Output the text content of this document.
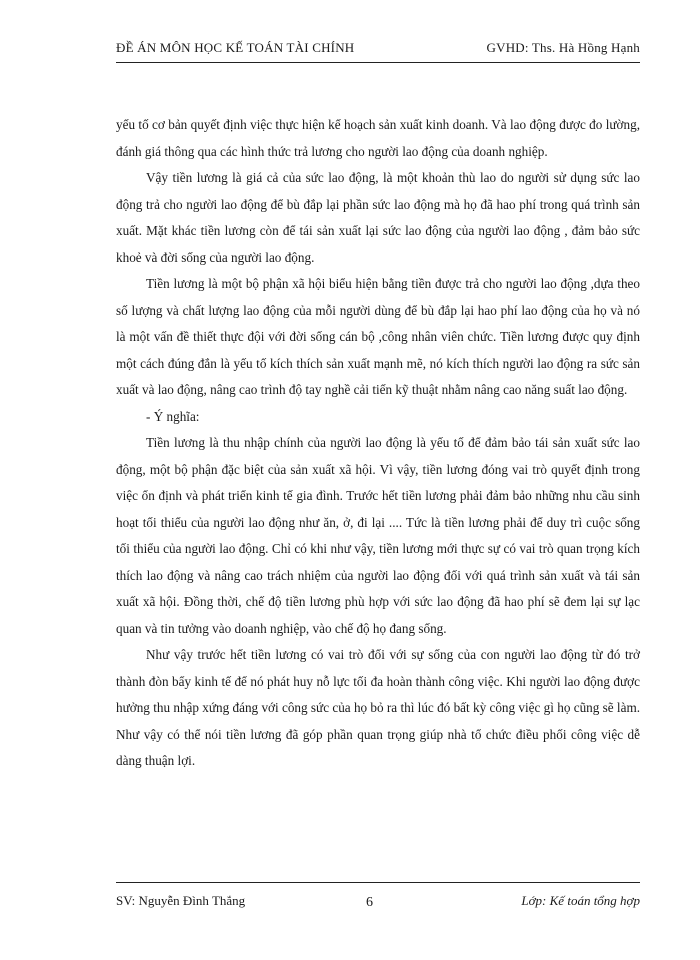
ĐỀ ÁN MÔN HỌC KẾ TOÁN TÀI CHÍNH	GVHD: Ths. Hà Hồng Hạnh

yếu tố cơ bản quyết định việc thực hiện kế hoạch sản xuất kinh doanh. Và lao động được đo lường, đánh giá thông qua các hình thức trả lương cho người lao động của doanh nghiệp.

Vậy tiền lương là giá cả của sức lao động, là một khoản thù lao do người sử dụng sức lao động trả cho người lao động để bù đắp lại phần sức lao động mà họ đã hao phí trong quá trình sản xuất. Mặt khác tiền lương còn để tái sản xuất lại sức lao động của người lao động , đảm bảo sức khoẻ và đời sống của người lao động.

Tiền lương là một bộ phận xã hội biểu hiện bằng tiền được trả cho người lao động ,dựa theo số lượng và chất lượng lao động của mỗi người dùng để bù đắp lại hao phí lao động của họ và nó là một vấn đề thiết thực đội với đời sống cán bộ ,công nhân viên chức. Tiền lương được quy định một cách đúng đắn là yếu tố kích thích sản xuất mạnh mẽ, nó kích thích người lao động ra sức sản xuất và lao động, nâng cao trình độ tay nghề cải tiến kỹ thuật nhằm nâng cao năng suất lao động.

- Ý nghĩa:

Tiền lương là thu nhập chính của người lao động là yếu tố để đảm bảo tái sản xuất sức lao động, một bộ phận đặc biệt của sản xuất xã hội. Vì vậy, tiền lương đóng vai trò quyết định trong việc ổn định và phát triển kinh tế gia đình. Trước hết tiền lương phải đảm bảo những nhu cầu sinh hoạt tối thiểu của người lao động như ăn, ở, đi lại .... Tức là tiền lương phải để duy trì cuộc sống tối thiểu của người lao động. Chỉ có khi như vậy, tiền lương mới thực sự có vai trò quan trọng kích thích lao động và nâng cao trách nhiệm của người lao động đối với quá trình sản xuất và tái sản xuất xã hội. Đồng thời, chế độ tiền lương phù hợp với sức lao động đã hao phí sẽ đem lại sự lạc quan và tin tưởng vào doanh nghiệp, vào chế độ họ đang sống.

Như vậy trước hết tiền lương có vai trò đối với sự sống của con người lao động từ đó trở thành đòn bẩy kinh tế để nó phát huy nỗ lực tối đa hoàn thành công việc. Khi người lao động được hưởng thu nhập xứng đáng với công sức của họ bỏ ra thì lúc đó bất kỳ công việc gì họ cũng sẽ làm. Như vậy có thể nói tiền lương đã góp phần quan trọng giúp nhà tổ chức điều phối công việc dễ dàng thuận lợi.

SV: Nguyễn Đình Thắng	6	Lớp: Kế toán tổng hợp
